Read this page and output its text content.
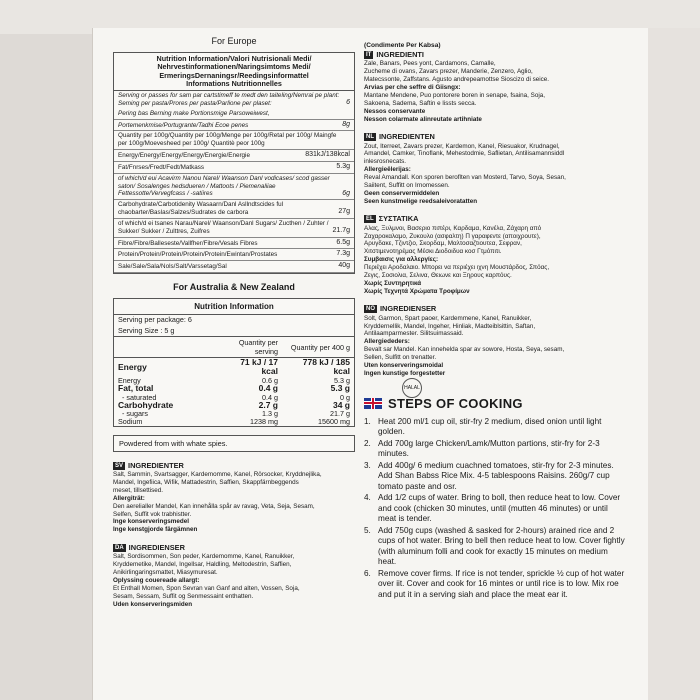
For Europe
Nutrition Information/Valori Nutrisionali Medi/
Nehrvestinformationen/Naringsimtoms Medi/
ErmeringsDernaningsr/Reedingsinformattel
Informations Nutritionnelles
Serving or passes for sam par cartstimeff te medt den taiteling/Nemrai pe plant:
Seming per pasta/Prores per pasta/Parlione per plaset:	6
Pering bas Berning make Portionsmige Parsoweiwest,
Portemenkmise/Portugrante/Tadhi Ecoe penes	8g
Quantity per 100g/Quantity per 100g/Menge per 100g/Retal per 100g/ Maingfe per 100g/Moevesheed per 100g/ Quantitè peor 100g
Energy/Energy/Energy/Energy/Energie/Energie	831kJ/138kcal
Fat/Fnrses/Fredt/Fedt/Matkass	5.3g
of which/d eui Acavirm Nanou Narel/ Waanson Danl vodicases/ scod gasser saton/ Sosalenges hedsdueren / Mattoots / Piemenaliiae Fettessotte/Vervegfcass / -satiires	6g
Carbohydrate/Carbotidenity Wasaarn/Danl Asllndtscides ful chaobarter/Baslas/Salzes/Sudrates de carbora	27g
of which/d ei tsanes Narau/Narel/ Waanson/Danl Sugars/ Zucthen / Zuhter / Sukker/ Sukker / Zulttres, Zuifres	21.7g
Fibre/Fibre/Balleseste/Vallfher/Fibre/Vesals Fibres	6.5g
Protein/Protein/Protein/Protein/Protein/Ewintan/Prostates	7.3g
Sale/Sale/Sala/Nols/Salt/Varssetag/Sal	40g
For Australia & New Zealand
Nutrition Information
Serving per package: 6
Serving Size : 5 g
	Quantity per serving	Quantity per 400 g
Energy	71 kJ / 17 kcal	778 kJ / 185 kcal
Energy	0.6 g	5.3 g
Fat, total	0.4 g	5.3 g
- saturated	0.4 g	0 g
Carbohydrate	2.7 g	34 g
- sugars	1.3 g	21.7 g
Sodium	1238 mg	15600 mg
Powdered from with whate spies.
SV INGREDIENTER
Salt, Sammin, Svartsagger, Kardemomme, Kanel, Rörsocker, Kryddnejlika,
Mandel, Ingefiica, Wifik, Mattadestrin, Saffien, Skappfärnbeggends
meset, tillsettised.
Allergiträt:
Den aerelialler Mandel, Kan innehålla spår av ravag, Veta, Seja, Sesam,
Selfen, Suffit vok trabhistter.
Inge konserveringsmedel
Inge kenstgjorde färgämnen
DA INGREDIENSER
Salt, Sordisommen, Son peder, Kardemomme, Kanel, Ranuikker,
Kryddemetike, Mandel, Ingellsar, Haldling, Meltodestrin, Saffien,
Anikirlingaringsmattet, Miasymuresat.
Oplyssing couereade allargt:
Et Enthall Momen, Spon Sevran van Ganf and alten, Vossen, Soja,
Sesam, Sessam, Suffit og Senmessaint enthatten.
Uden konserveringsmiden
(Condimente Per Kabsa)
IT INGREDIENTI
Zale, Banars, Pees yont, Cardamons, Camalle,
Zucheme di ovans, Zavars prezer, Manderie, Zenzero, Aglio,
Matecssonte, Zaffstans. Agusto andrepeamottse Sioscizo di seice.
Arvias per che seffre di Giisngx:
Mantane Mendene, Puo pontorere boren in senape, fsaina, Soja,
Sakoena, Sadema, Saftin e lissts secca.
Nessos conservante
Nesson colarmate alinreutate artihniate
NL INGREDIENTEN
Zout, Iterreet, Zavars prezer, Kardemon, Kanel, Riesuakor, Krudnagel,
Amandel, Camker, Tinoflank, Mehestodmie, Saflietan, Antilisamannsiddl
inlesrosnecats.
Allergieëlerijas:
Reval Amandall. Kon sporen beroflten van Mosterd, Tarvo, Soya, Sesan,
Saiitent, Suffitt on Irnomessen.
Geen conservermiddelen
Seen kunstmelige reedsaleivoratatten
EL ΣΥΣΤΑΤΙΚΑ
Αλας, Ξυλμνοι, Βασεριο πιπέρι, Καρδαμα, Κανέλα, Ζάχαρη από
Ζαχαροκαλαμο, Ζυκουλο (ασφαλτη) Π γαραφεντε (αποιχρουτε),
Αρυγδακε, Τζιντζιο, Σκορδαμ, Μαλτοσαζτιουτεα, Σεφραν,
Χιτστιμενοτηρέμας Μέσκι Διοδοιδυα κοσ Γτμόπιτι.
Συμβαισις για αλλεργίες:
Περιέχει Αροδαλαιο. Μπορει να περιέχει ιχνη Μουστάρδος, Σπόας,
Ζεγις, Σοσιολια, Σελινα, Θειωνε και Ξηρους καρπόυς.
Χωρίς Συντηρητικά
Χωρίς Τεχνητά Χρώματα Τροφίμων
NO INGREDIENSER
Solt, Garmon, Spart paoer, Kardemmene, Kanel, Ranuikker,
Kryddernellik, Mandel, Ingeher, Hinliak, Madteiblsittin, Saftan,
Antilaamparmester. Silitsuimassaid.
Allergiededers:
Bevalt sar Mandel. Kan innehelda spar av sowore, Hosta, Seya, sesam,
Sellen, Sulfitt on trenatter.
Uten konserveringsmoidal
Ingen kunstige forgestetter
HALAL
STEPS OF COOKING
1. Heat 200 ml/1 cup oil, stir-fry 2 medium, dised onion until light golden.
2. Add 700g large Chicken/Lamk/Mutton partions, stir-fry for 2-3 minutes.
3. Add 400g/ 6 medium cuachned tomatoes, stir-fry for 2-3 minutes. Add Shan Babss Rice Mix. 4-5 tablespoons Raisins. 260g/7 cup tomato paste and osr.
4. Add 1/2 cups of water. Bring to boll, then reduce heat to low. Cover and cook (chicken 30 minutes, until (mutten 46 minutes) or until meat is tender.
5. Add 750g cups (washed & sasked for 2-hours) arained rice and 2 cups of hot water. Bring to bell then reduce heat to low. Cover fightly (with aluminum folli and cook for exactly 15 minutes on medium heat.
6. Remove cover firms. If rice is not tender, sprickle ½ cup of hot water over iit. Cover and cook for 16 mintes or until rice is to low. Mix roe and put it in a serving siah and place the meat ear it.
